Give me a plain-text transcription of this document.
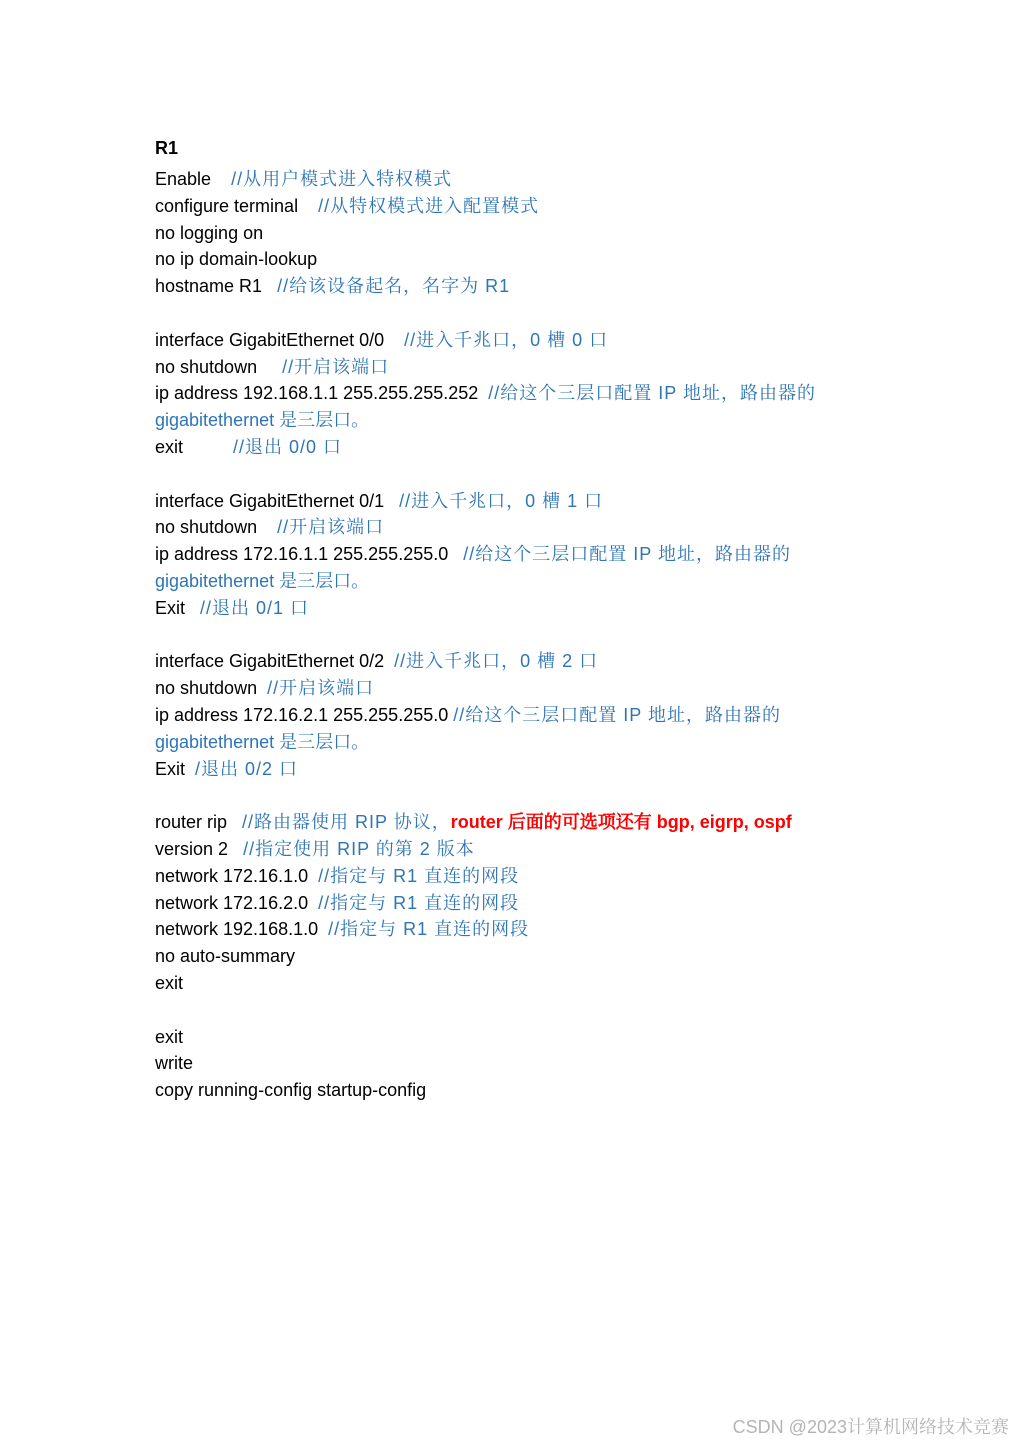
R1
Enable //从用户模式进入特权模式
configure terminal //从特权模式进入配置模式
no logging on
no ip domain-lookup
hostname R1 //给该设备起名，名字为 R1
interface GigabitEthernet 0/0 //进入千兆口，0 槽 0 口
no shutdown //开启该端口
ip address 192.168.1.1 255.255.255.252 //给这个三层口配置 IP 地址，路由器的
gigabitethernet 是三层口。
exit	//退出 0/0 口
interface GigabitEthernet 0/1 //进入千兆口，0 槽 1 口
no shutdown //开启该端口
ip address 172.16.1.1 255.255.255.0 //给这个三层口配置 IP 地址，路由器的
gigabitethernet 是三层口。
Exit //退出 0/1 口
interface GigabitEthernet 0/2 //进入千兆口，0 槽 2 口
no shutdown //开启该端口
ip address 172.16.2.1 255.255.255.0 //给这个三层口配置 IP 地址，路由器的
gigabitethernet 是三层口。
Exit /退出 0/2 口
router rip //路由器使用 RIP 协议，router 后面的可选项还有 bgp, eigrp, ospf
version 2 //指定使用 RIP 的第 2 版本
network 172.16.1.0 //指定与 R1 直连的网段
network 172.16.2.0 //指定与 R1 直连的网段
network 192.168.1.0 //指定与 R1 直连的网段
no auto-summary
exit
exit
write
copy running-config startup-config
CSDN @2023计算机网络技术竞赛
